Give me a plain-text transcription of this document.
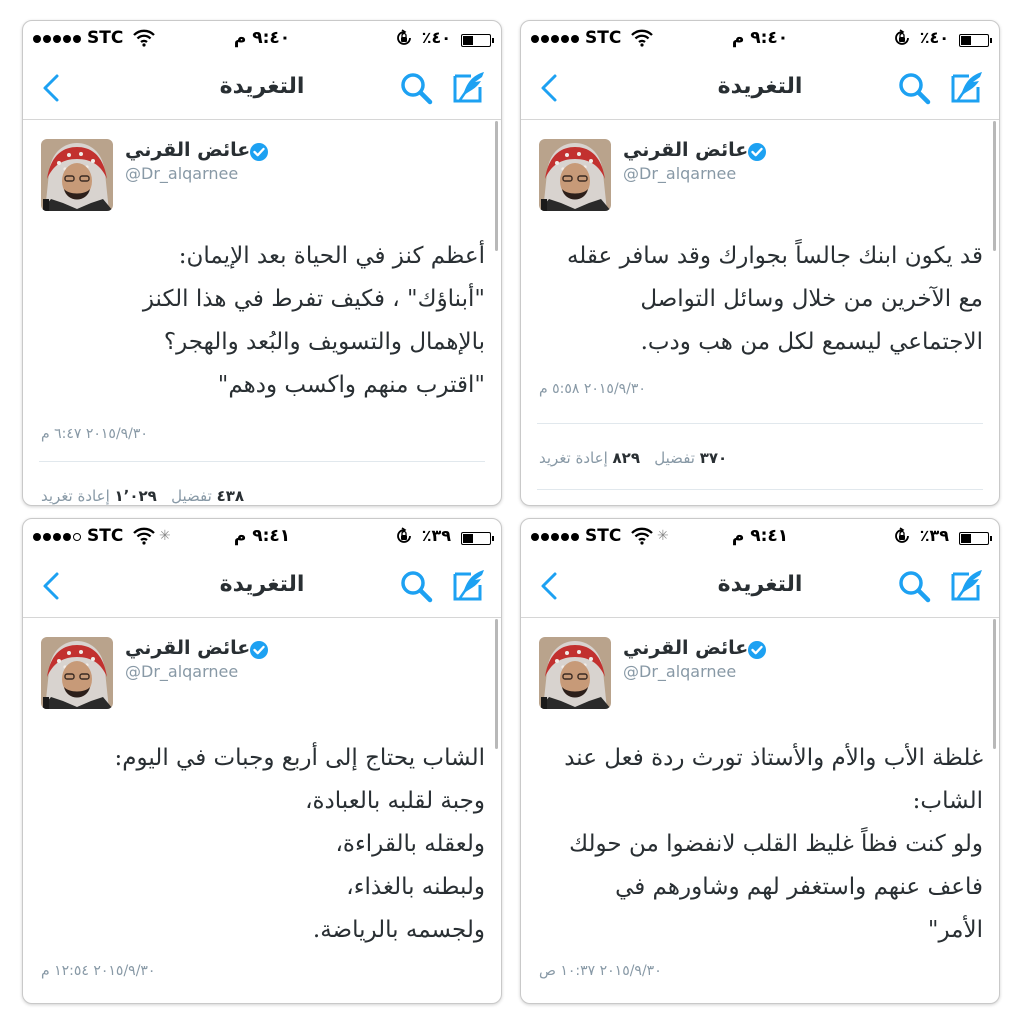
STC	٩:٤٠ م	٪٤٠
التغريدة
عائض القرني
@Dr_alqarnee
أعظم كنز في الحياة بعد الإيمان:
"أبناؤك" ، فكيف تفرط في هذا الكنز
بالإهمال والتسويف والبُعد والهجر؟
"اقترب منهم واكسب ودهم"
٢٠١٥/٩/٣٠ ٦:٤٧ م
٤٣٨ تفضيل   ١٬٠٢٩ إعادة تغريد
STC	٩:٤٠ م	٪٤٠
التغريدة
عائض القرني
@Dr_alqarnee
قد يكون ابنك جالساً بجوارك وقد سافر عقله
مع الآخرين من خلال وسائل التواصل
الاجتماعي ليسمع لكل من هب ودب.
٢٠١٥/٩/٣٠ ٥:٥٨ م
٣٧٠ تفضيل   ٨٢٩ إعادة تغريد
STC	✳	٩:٤١ م	٪٣٩
التغريدة
عائض القرني
@Dr_alqarnee
الشاب يحتاج إلى أربع وجبات في اليوم:
وجبة لقلبه بالعبادة،
ولعقله بالقراءة،
ولبطنه بالغذاء،
ولجسمه بالرياضة.
٢٠١٥/٩/٣٠ ١٢:٥٤ م
STC	✳	٩:٤١ م	٪٣٩
التغريدة
عائض القرني
@Dr_alqarnee
غلظة الأب والأم والأستاذ تورث ردة فعل عند
الشاب:
ولو كنت فظاً غليظ القلب لانفضوا من حولك
فاعف عنهم واستغفر لهم وشاورهم في
الأمر"
٢٠١٥/٩/٣٠ ١٠:٣٧ ص
